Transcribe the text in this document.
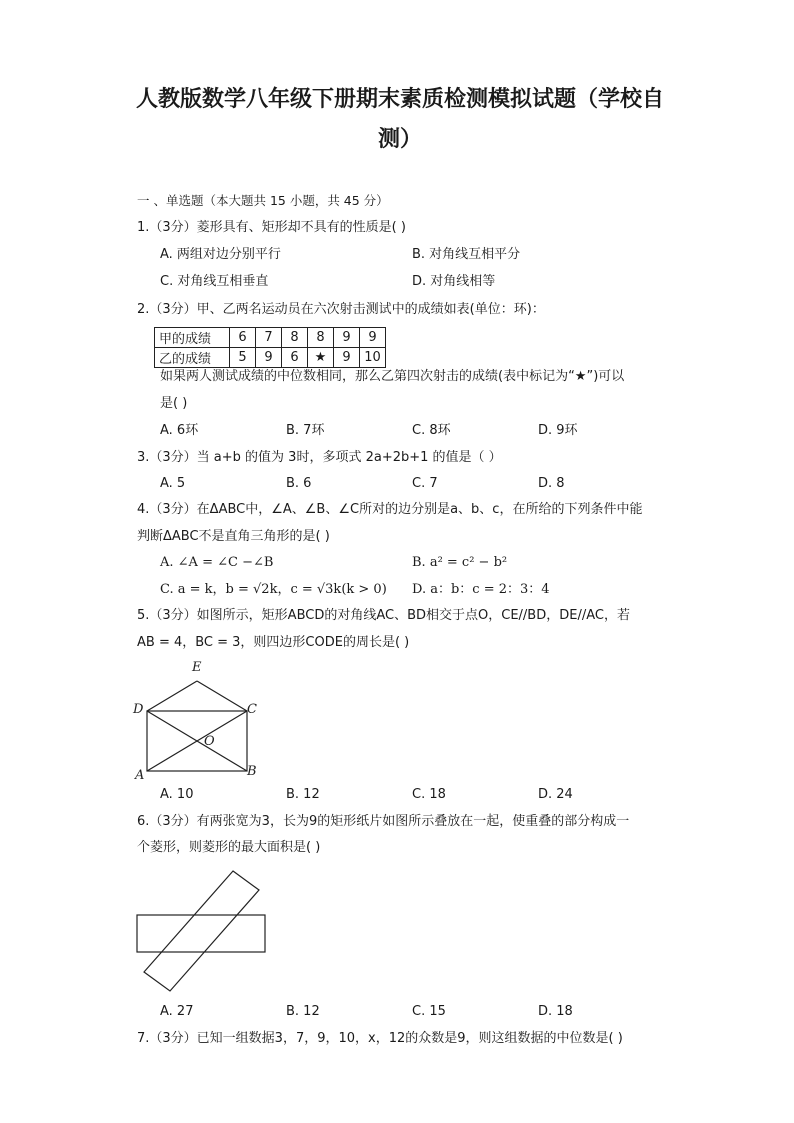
人教版数学八年级下册期末素质检测模拟试题（学校自
测）
一 、单选题（本大题共 15 小题，共 45 分）
1.（3分）菱形具有、矩形却不具有的性质是( )
A. 两组对边分别平行	B. 对角线互相平分
C. 对角线互相垂直	D. 对角线相等
2.（3分）甲、乙两名运动员在六次射击测试中的成绩如表(单位：环)：
甲的成绩	6	7	8	8	9	9
乙的成绩	5	9	6	★	9	10
如果两人测试成绩的中位数相同，那么乙第四次射击的成绩(表中标记为“★”)可以
是( )
A. 6环	B. 7环	C. 8环	D. 9环
3.（3分）当 a+b 的值为 3时，多项式 2a+2b+1 的值是（ ）
A. 5	B. 6	C. 7	D. 8
4.（3分）在ΔABC中，∠A、∠B、∠C所对的边分别是a、b、c，在所给的下列条件中能
判断ΔABC不是直角三角形的是( )
A. ∠A = ∠C −∠B	B. a² = c² − b²
C. a = k，b = √2k，c = √3k(k > 0) D. a：b：c = 2：3：4
5.（3分）如图所示，矩形ABCD的对角线AC、BD相交于点O，CE//BD，DE//AC，若
AB = 4，BC = 3，则四边形CODE的周长是( )
E
D	C
O
A	B
A. 10	B. 12	C. 18	D. 24
6.（3分）有两张宽为3，长为9的矩形纸片如图所示叠放在一起，使重叠的部分构成一
个菱形，则菱形的最大面积是( )
A. 27	B. 12	C. 15	D. 18
7.（3分）已知一组数据3，7，9，10，x，12的众数是9，则这组数据的中位数是( )
